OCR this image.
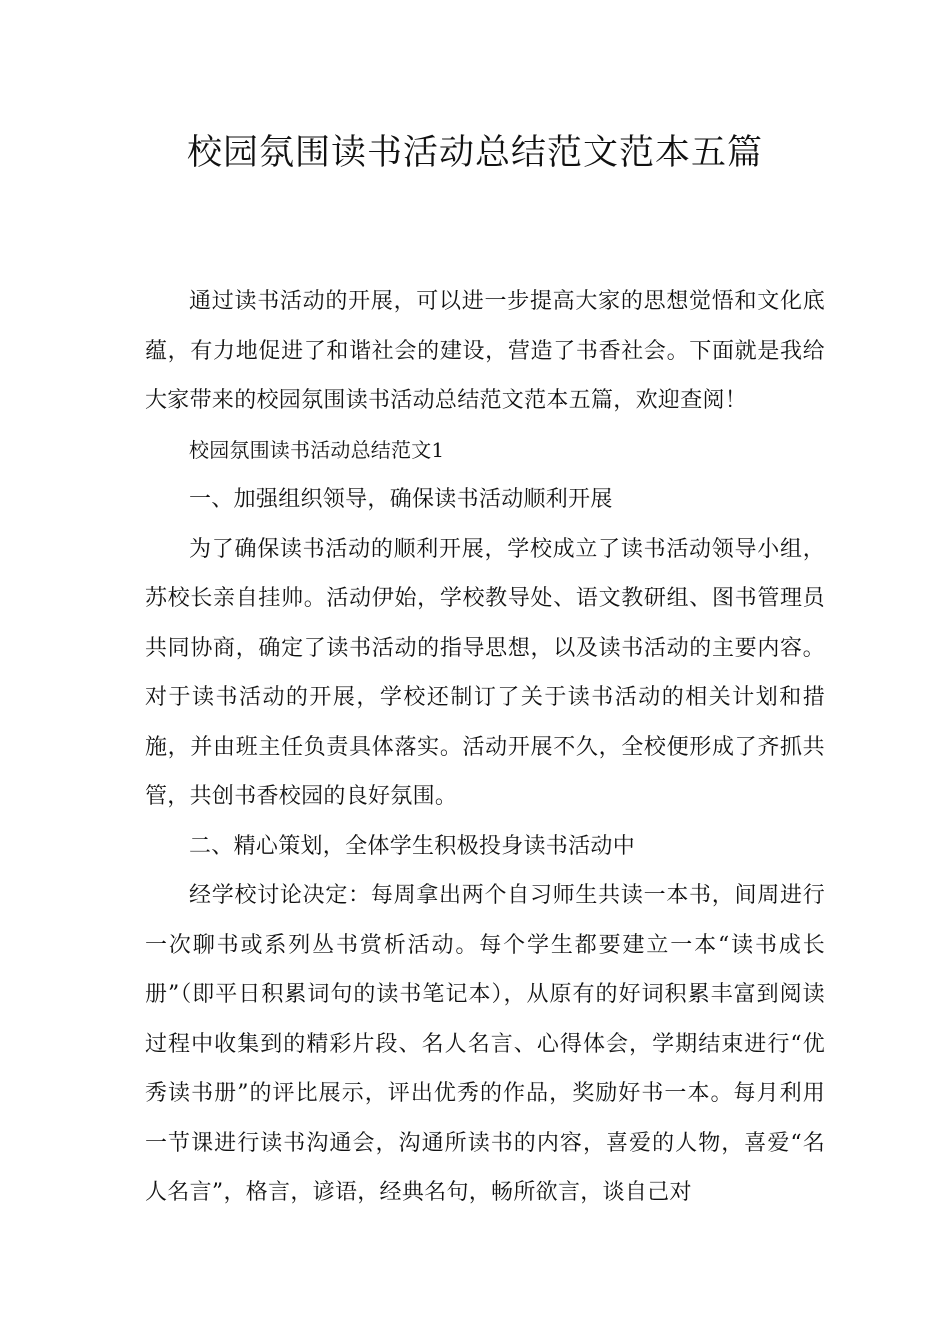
校园氛围读书活动总结范文范本五篇

通过读书活动的开展，可以进一步提高大家的思想觉悟和文化底蕴，有力地促进了和谐社会的建设，营造了书香社会。下面就是我给大家带来的校园氛围读书活动总结范文范本五篇，欢迎查阅！

校园氛围读书活动总结范文1

一、加强组织领导，确保读书活动顺利开展

为了确保读书活动的顺利开展，学校成立了读书活动领导小组，苏校长亲自挂帅。活动伊始，学校教导处、语文教研组、图书管理员共同协商，确定了读书活动的指导思想，以及读书活动的主要内容。对于读书活动的开展，学校还制订了关于读书活动的相关计划和措施，并由班主任负责具体落实。活动开展不久，全校便形成了齐抓共管，共创书香校园的良好氛围。

二、精心策划，全体学生积极投身读书活动中

经学校讨论决定：每周拿出两个自习师生共读一本书，间周进行一次聊书或系列丛书赏析活动。每个学生都要建立一本“读书成长册”（即平日积累词句的读书笔记本），从原有的好词积累丰富到阅读过程中收集到的精彩片段、名人名言、心得体会，学期结束进行“优秀读书册”的评比展示，评出优秀的作品，奖励好书一本。每月利用一节课进行读书沟通会，沟通所读书的内容，喜爱的人物，喜爱“名人名言”，格言，谚语，经典名句，畅所欲言，谈自己对
